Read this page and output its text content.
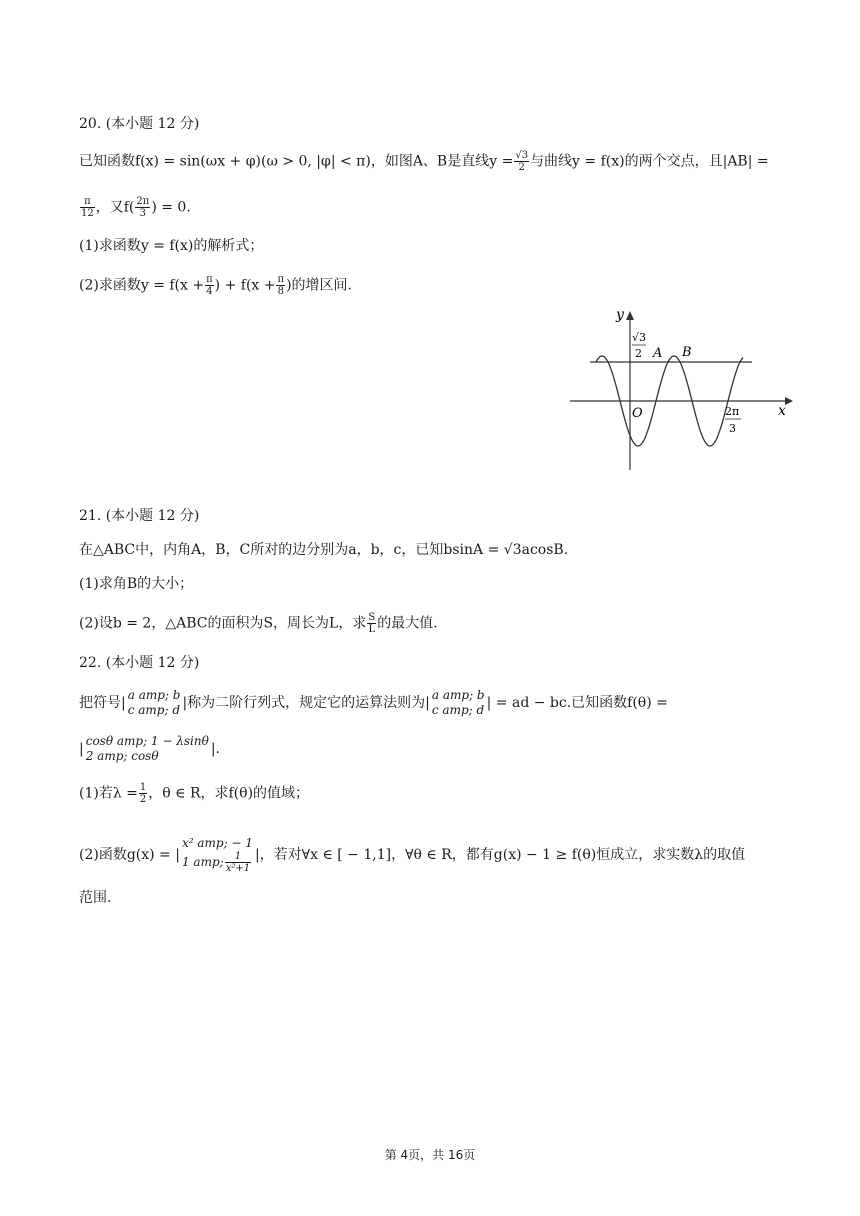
20. (本小题 12 分)
已知函数f(x) = sin(ωx + φ)(ω > 0, |φ| < π)，如图A、B是直线$y = \frac{√3}{2}$ 与曲线y = f(x)的两个交点，且|AB| =
$\frac{\pi}{12}$ ，又$f( \frac{2\pi}{3}$ ) = 0.
(1)求函数y = f(x)的解析式；
(2)求函数$y = f(x + \frac{\pi}{4}$ ) + $f(x + \frac{\pi}{8}$ )的增区间.
y
x
O
A B
√3
2
2π
3
21. (本小题 12 分)
在△ABC中，内角A，B，C所对的边分别为a，b，c，已知bsinA = √3acosB.
(1)求角B的大小；
(2)设b = 2，△ABC的面积为S，周长为L，求 $\frac{S}{L}$ 的最大值.
22. (本小题 12 分)
把符号| a amp; b
c amp; d |称为二阶行列式，规定它的运算法则为| a amp; b
c amp; d | = ad − bc.已知函数f(θ) =
| cosθ amp; 1 − λsinθ
2 amp; cosθ	|.
(1)若$\lambda = \frac{1}{2}$ ，θ ∈ R，求f(θ)的值域；
(2)函数g(x) = |
x² amp; − 1
1 amp; $\frac{1}{\text{x²+1}}$ |，若对∀x ∈ [ − 1,1]，∀θ ∈ R，都有g(x) − 1 ≥ f(θ)恒成立，求实数λ的取值
范围.
第 4页，共 16页
